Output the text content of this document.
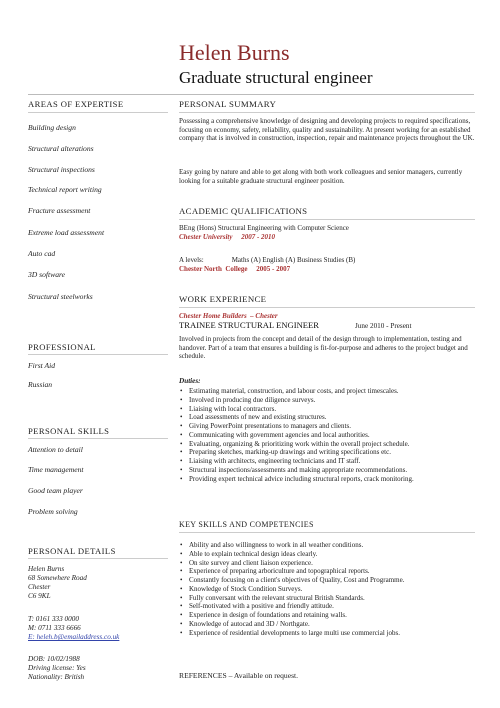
Helen Burns
Graduate structural engineer
AREAS OF EXPERTISE
Building design
Structural alterations
Structural inspections
Technical report writing
Fracture assessment
Extreme load assessment
Auto cad
3D software
Structural steelworks
PROFESSIONAL
First Aid
Russian
PERSONAL SKILLS
Attention to detail
Time management
Good team player
Problem solving
PERSONAL DETAILS
Helen Burns
68 Somewhere Road
Chester
C6 9KL
T: 0161 333 0000
M: 0711 333 6666
E: heleh.b@emailaddress.co.uk
DOB: 10/02/1988
Driving license: Yes
Nationality: British
PERSONAL SUMMARY
Possessing a comprehensive knowledge of designing and developing projects to required specifications, focusing on economy, safety, reliability, quality and sustainability. At present working for an established company that is involved in construction, inspection, repair and maintenance projects throughout the UK.
Easy going by nature and able to get along with both work colleagues and senior managers, currently looking for a suitable graduate structural engineer position.
ACADEMIC QUALIFICATIONS
BEng (Hons) Structural Engineering with Computer Science
Chester University     2007 - 2010
A levels:                Maths (A) English (A) Business Studies (B)
Chester North  College     2005 - 2007
WORK EXPERIENCE
Chester Home Builders  – Chester
TRAINEE STRUCTURAL ENGINEER	June 2010 - Present
Involved in projects from the concept and detail of the design through to implementation, testing and handover. Part of a team that ensures a building is fit-for-purpose and adheres to the project budget and schedule.
Duties:
• Estimating material, construction, and labour costs, and project timescales.
• Involved in producing due diligence surveys.
• Liaising with local contractors.
• Load assessments of new and existing structures.
• Giving PowerPoint presentations to managers and clients.
• Communicating with government agencies and local authorities.
• Evaluating, organizing & prioritizing work within the overall project schedule.
• Preparing sketches, marking-up drawings and writing specifications etc.
• Liaising with architects, engineering technicians and IT staff.
• Structural inspections/assessments and making appropriate recommendations.
• Providing expert technical advice including structural reports, crack monitoring.
KEY SKILLS AND COMPETENCIES
• Ability and also willingness to work in all weather conditions.
• Able to explain technical design ideas clearly.
• On site survey and client liaison experience.
• Experience of preparing arboriculture and topographical reports.
• Constantly focusing on a client's objectives of Quality, Cost and Programme.
• Knowledge of Stock Condition Surveys.
• Fully conversant with the relevant structural British Standards.
• Self-motivated with a positive and friendly attitude.
• Experience in design of foundations and retaining walls.
• Knowledge of autocad and 3D / Northgate.
• Experience of residential developments to large multi use commercial jobs.
REFERENCES – Available on request.
